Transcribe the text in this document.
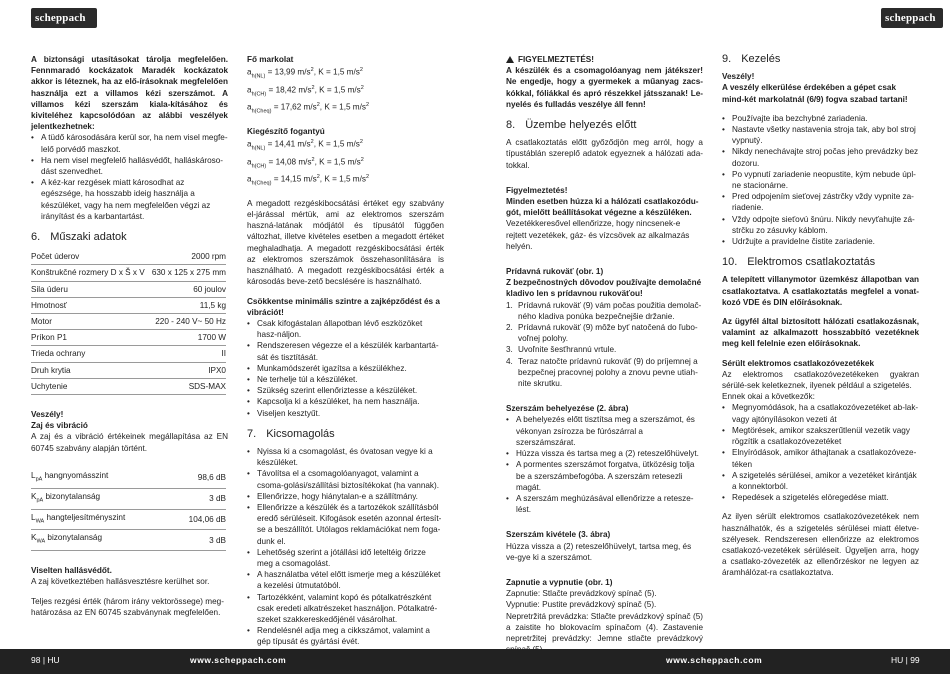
scheppach	scheppach

A biztonsági utasításokat tárolja megfelelően. Fennmaradó kockázatok Maradék kockázatok akkor is léteznek, ha az elő-írásoknak megfelelően használja ezt a villamos kézi szerszámot. A villamos kézi szerszám kiala-kításához és kiviteléhez kapcsolódóan az alábbi veszélyek jelentkezhetnek:

• A tüdő károsodására kerül sor, ha nem visel megfe-lelő porvédő maszkot.
• Ha nem visel megfelelő hallásvédőt, halláskároso-dást szenvedhet.
• A kéz-kar rezgések miatt károsodhat az egészsége, ha hosszabb ideig használja a készüléket, vagy ha nem megfelelően végzi az irányítást és a karbantartást.
6. Műszaki adatok
Počet úderov	2000 rpm
Konštrukčné rozmery D x Š x V	630 x 125 x 275 mm
Sila úderu	60 joulov
Hmotnosť	11,5 kg
Motor	220 - 240 V~ 50 Hz
Príkon P1	1700 W
Trieda ochrany	II
Druh krytia	IPX0
Uchytenie	SDS-MAX

Veszély!

Zaj és vibráció

A zaj és a vibráció értékeinek megállapítása az EN 60745 szabvány alapján történt.

$L_{pA}$ hangnyomásszint	98,6 dB
$K_{pA}$ bizonytalanság	3 dB
$L_{WA}$ hangteljesítményszint	104,06 dB
$K_{WA}$ bizonytalanság	3 dB

Viselten hallásvédőt.

A zaj következtében hallásvesztésre kerülhet sor.

Teljes rezgési érték (három irány vektorössege) meg-határozása az EN 60745 szabványnak megfelelően.

Fő markolat

$a_{h(NL)} = 13,99$ $m/s^2$, K = 1,5 $m/s^2$

$a_{h(CH)} = 18,42$ $m/s^2$, K = 1,5 $m/s^2$

$a_{h(Cheq)} = 17,62$ $m/s^2$, K = 1,5 $m/s^2$

Kiegészítő fogantyú

$a_{h(NL)} = 14,41$ $m/s^2$, K = 1,5 $m/s^2$

$a_{h(CH)} = 14,08$ $m/s^2$, K = 1,5 $m/s^2$

$a_{h(Cheq)} = 14,15$ $m/s^2$, K = 1,5 $m/s^2$

A megadott rezgéskibocsátási értéket egy szabvány el-járással mértük, ami az elektromos szerszám haszná-latának módjától és típusától függően változhat, illetve kivételes esetben a megadott értéket meghaladhatja. A megadott rezgéskibocsátási érték az elektromos szerszámok összehasonlítására is használható. A megadott rezgéskibocsátási érték a károsodás beve-zető becslésére is használható.

Csökkentse minimális szintre a zajképződést és a vibrációt!

• Csak kifogástalan állapotban lévő eszközöket hasz-náljon.
• Rendszeresen végezze el a készülék karbantartá-sát és tisztítását.
• Munkamódszerét igazítsa a készülékhez.
• Ne terhelje túl a készüléket.
• Szükség szerint ellenőriztesse a készüléket.
• Kapcsolja ki a készüléket, ha nem használja.
• Viseljen kesztyűt.
7. Kicsomagolás
• Nyissa ki a csomagolást, és óvatosan vegye ki a készüléket.
• Távolítsa el a csomagolóanyagot, valamint a csoma-golási/szállítási biztosítékokat (ha vannak).
• Ellenőrizze, hogy hiánytalan-e a szállítmány.
• Ellenőrizze a készülék és a tartozékok szállításból eredő sérüléseit. Kifogások esetén azonnal értesít-se a beszállítót. Utólagos reklamációkat nem foga-dunk el.
• Lehetőség szerint a jótállási idő leteltéig őrizze meg a csomagolást.
• A használatba vétel előtt ismerje meg a készüléket a kezelési útmutatóból.
• Tartozékként, valamint kopó és pótalkatrészként csak eredeti alkatrészeket használjon. Pótalkatré-szeket szakkereskedőjénél vásárolhat.
• Rendelésnél adja meg a cikkszámot, valamint a gép típusát és gyártási évét.

FIGYELMEZTETÉS!

A készülék és a csomagolóanyag nem játékszer! Ne engedje, hogy a gyermekek a műanyag zacs-kókkal, fóliákkal és apró részekkel játsszanak! Le-nyelés és fulladás veszélye áll fenn!

8. Üzembe helyezés előtt

A csatlakoztatás előtt győződjön meg arról, hogy a típustáblán szereplő adatok egyeznek a hálózati ada-tokkal.

Figyelmeztetés!

Minden esetben húzza ki a hálózati csatlakozódu-gót, mielőtt beállításokat végezne a készüléken.

Vezetékkeresővel ellenőrizze, hogy nincsenek-e rejtett vezetékek, gáz- és vízcsövek az alkalmazás helyén.

Prídavná rukoväť (obr. 1)

Z bezpečnostných dôvodov používajte demolačné kladivo len s prídavnou rukoväťou!

1. Prídavná rukoväť (9) vám počas použitia demolač-ného kladiva ponúka bezpečnejšie držanie.
2. Prídavná rukoväť (9) môže byť natočená do ľubo-voľnej polohy.
3. Uvoľnite šesťhrannú vrtule.
4. Teraz natočte prídavnú rukoväť (9) do príjemnej a bezpečnej pracovnej polohy a znovu pevne utiah-nite skrutku.

Szerszám behelyezése (2. ábra)

• A behelyezés előtt tisztítsa meg a szerszámot, és vékonyan zsírozza be fúrószárral a szerszámszárat.
• Húzza vissza és tartsa meg a (2) reteszelőhüvelyt.
• A pormentes szerszámot forgatva, ütközésig tolja be a szerszámbefogóba. A szerszám retesezli magát.
• A szerszám meghúzásával ellenőrizze a retesze-lést.

Szerszám kivétele (3. ábra)

Húzza vissza a (2) reteszelőhüvelyt, tartsa meg, és ve-gye ki a szerszámot.

Zapnutie a vypnutie (obr. 1)

Zapnutie: Stlačte prevádzkový spínač (5).

Vypnutie: Pustite prevádzkový spínač (5).

Nepretržitá prevádzka: Stlačte prevádzkový spínač (5) a zaistite ho blokovacím spínačom (4). Zastavenie nepretržitej prevádzky: Jemne stlačte prevádzkový

9. Kezelés

Veszély!

A veszély elkerülése érdekében a gépet csak mind-két markolatnál (6/9) fogva szabad tartani!

• Používajte iba bezchybné zariadenia.
• Nastavte všetky nastavenia stroja tak, aby bol stroj vypnutý.
• Nikdy nenechávajte stroj počas jeho prevádzky bez dozoru.
• Po vypnutí zariadenie neopustite, kým nebude úpl-ne stacionárne.
• Pred odpojením sieťovej zástrčky vždy vypnite za-riadenie.
• Vždy odpojte sieťovú šnúru. Nikdy nevyťahujte zá-strčku zo zásuvky káblom.
• Udržujte a pravidelne čistite zariadenie.
10. Elektromos csatlakoztatás

A telepített villanymotor üzemkész állapotban van csatlakoztatva. A csatlakoztatás megfelel a vonat-kozó VDE és DIN előírásoknak.

Az ügyfél által biztosított hálózati csatlakozásnak, valamint az alkalmazott hosszabbító vezetéknek meg kell felelnie ezen előírásoknak.

Sérült elektromos csatlakozóvezetékek

Az elektromos csatlakozóvezetékeken gyakran sérülé-sek keletkeznek, ilyenek például a szigetelés.

Ennek okai a következők:

• Megnyomódások, ha a csatlakozóvezetéket ab-lak- vagy ajtónyílásokon vezeti át
• Megtörések, amikor szakszerűtlenül vezetik vagy rögzítik a csatlakozóvezetéket
• Elnyíródások, amikor áthajtanak a csatlakozóveze-téken
• A szigetelés sérülései, amikor a vezetéket kirántják a konnektorból.
• Repedések a szigetelés elöregedése miatt.

Az ilyen sérült elektromos csatlakozóvezetékek nem használhatók, és a szigetelés sérülései miatt életve-szélyesek. Rendszeresen ellenőrizze az elektromos csatlakozó-vezetékek sérüléseit. Ügyeljen arra, hogy a csatlako-zóvezeték az ellenőrzéskor ne legyen az áramhálózat-ra csatlakoztatva.

98 | HU	www.scheppach.com	www.scheppach.com	HU | 99
